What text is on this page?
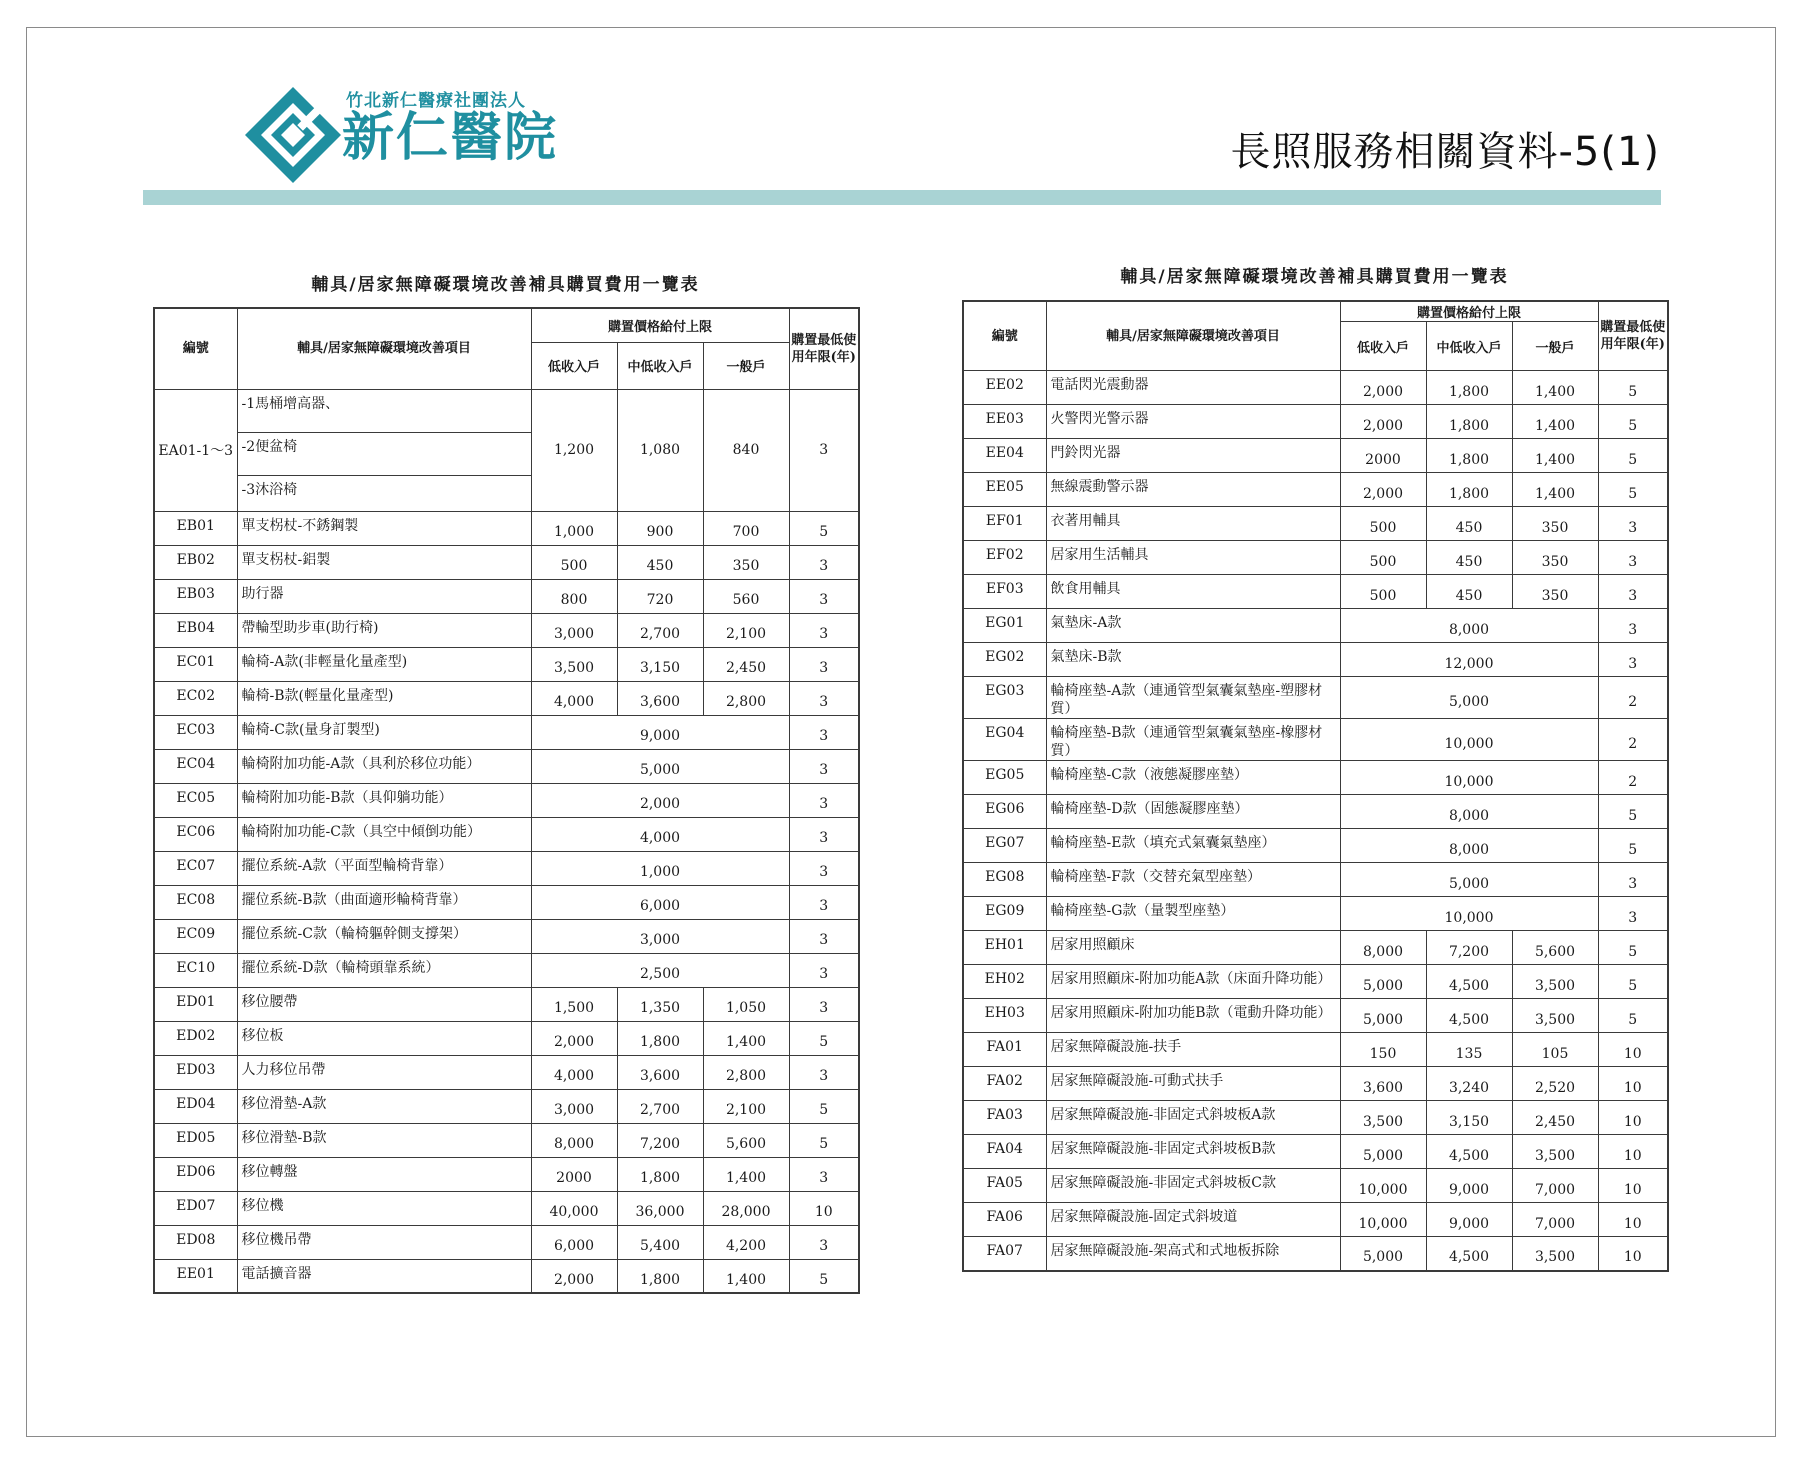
竹北新仁醫療社團法人
新仁醫院	長照服務相關資料-5(1)
輔具/居家無障礙環境改善補具購買費用一覽表
編號	輔具/居家無障礙環境改善項目	購置價格給付上限			購置最低使用年限(年)
		低收入戶	中低收入戶	一般戶	
EA01-1～3	-1馬桶增高器、
-2便盆椅
-3沐浴椅	1,200	1,080	840	3
EB01	單支柺杖-不銹鋼製	1,000	900	700	5
EB02	單支柺杖-鋁製	500	450	350	3
EB03	助行器	800	720	560	3
EB04	帶輪型助步車(助行椅)	3,000	2,700	2,100	3
EC01	輪椅-A款(非輕量化量產型)	3,500	3,150	2,450	3
EC02	輪椅-B款(輕量化量產型)	4,000	3,600	2,800	3
EC03	輪椅-C款(量身訂製型)	9,000			3
EC04	輪椅附加功能-A款（具利於移位功能）	5,000			3
EC05	輪椅附加功能-B款（具仰躺功能）	2,000			3
EC06	輪椅附加功能-C款（具空中傾倒功能）	4,000			3
EC07	擺位系統-A款（平面型輪椅背靠）	1,000			3
EC08	擺位系統-B款（曲面適形輪椅背靠）	6,000			3
EC09	擺位系統-C款（輪椅軀幹側支撐架）	3,000			3
EC10	擺位系統-D款（輪椅頭靠系統）	2,500			3
ED01	移位腰帶	1,500	1,350	1,050	3
ED02	移位板	2,000	1,800	1,400	5
ED03	人力移位吊帶	4,000	3,600	2,800	3
ED04	移位滑墊-A款	3,000	2,700	2,100	5
ED05	移位滑墊-B款	8,000	7,200	5,600	5
ED06	移位轉盤	2000	1,800	1,400	3
ED07	移位機	40,000	36,000	28,000	10
ED08	移位機吊帶	6,000	5,400	4,200	3
EE01	電話擴音器	2,000	1,800	1,400	5
輔具/居家無障礙環境改善補具購買費用一覽表
編號	輔具/居家無障礙環境改善項目	購置價格給付上限			購置最低使用年限(年)
		低收入戶	中低收入戶	一般戶	
EE02	電話閃光震動器	2,000	1,800	1,400	5
EE03	火警閃光警示器	2,000	1,800	1,400	5
EE04	門鈴閃光器	2000	1,800	1,400	5
EE05	無線震動警示器	2,000	1,800	1,400	5
EF01	衣著用輔具	500	450	350	3
EF02	居家用生活輔具	500	450	350	3
EF03	飲食用輔具	500	450	350	3
EG01	氣墊床-A款	8,000			3
EG02	氣墊床-B款	12,000			3
EG03	輪椅座墊-A款（連通管型氣囊氣墊座-塑膠材質）	5,000			2
EG04	輪椅座墊-B款（連通管型氣囊氣墊座-橡膠材質）	10,000			2
EG05	輪椅座墊-C款（液態凝膠座墊）	10,000			2
EG06	輪椅座墊-D款（固態凝膠座墊）	8,000			5
EG07	輪椅座墊-E款（填充式氣囊氣墊座）	8,000			5
EG08	輪椅座墊-F款（交替充氣型座墊）	5,000			3
EG09	輪椅座墊-G款（量製型座墊）	10,000			3
EH01	居家用照顧床	8,000	7,200	5,600	5
EH02	居家用照顧床-附加功能A款（床面升降功能）	5,000	4,500	3,500	5
EH03	居家用照顧床-附加功能B款（電動升降功能）	5,000	4,500	3,500	5
FA01	居家無障礙設施-扶手	150	135	105	10
FA02	居家無障礙設施-可動式扶手	3,600	3,240	2,520	10
FA03	居家無障礙設施-非固定式斜坡板A款	3,500	3,150	2,450	10
FA04	居家無障礙設施-非固定式斜坡板B款	5,000	4,500	3,500	10
FA05	居家無障礙設施-非固定式斜坡板C款	10,000	9,000	7,000	10
FA06	居家無障礙設施-固定式斜坡道	10,000	9,000	7,000	10
FA07	居家無障礙設施-架高式和式地板拆除	5,000	4,500	3,500	10
